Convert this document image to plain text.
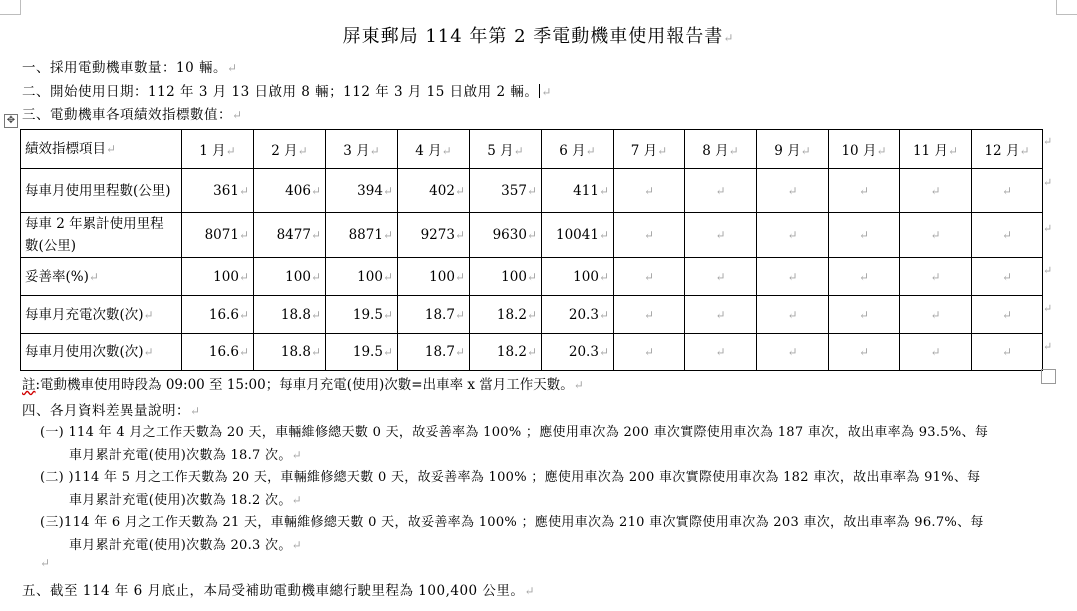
屏東郵局 114 年第 2 季電動機車使用報告書↵
一、採用電動機車數量：10 輛。↵
二、開始使用日期：112 年 3 月 13 日啟用 8 輛；112 年 3 月 15 日啟用 2 輛。 ↵
三、電動機車各項績效指標數值：↵
✥
績效指標項目↵	1 月↵	2 月↵	3 月↵	4 月↵	5 月↵	6 月↵	7 月↵	8 月↵	9 月↵	10 月↵	11 月↵	12 月↵
每車月使用里程數(公里)	361↵	406↵	394↵	402↵	357↵	411↵	↵	↵	↵	↵	↵	↵
每車 2 年累計使用里程數(公里)	8071↵	8477↵	8871↵	9273↵	9630↵	10041↵	↵	↵	↵	↵	↵	↵
妥善率(%)↵	100↵	100↵	100↵	100↵	100↵	100↵	↵	↵	↵	↵	↵	↵
每車月充電次數(次)↵	16.6↵	18.8↵	19.5↵	18.7↵	18.2↵	20.3↵	↵	↵	↵	↵	↵	↵
每車月使用次數(次)↵	16.6↵	18.8↵	19.5↵	18.7↵	18.2↵	20.3↵	↵	↵	↵	↵	↵	↵
↵
↵
↵
↵
↵
↵
註:電動機車使用時段為 09:00 至 15:00；每車月充電(使用)次數=出車率 x 當月工作天數。↵
四、各月資料差異量說明：↵
(一) 114 年 4 月之工作天數為 20 天，車輛維修總天數 0 天，故妥善率為 100% ；應使用車次為 200 車次實際使用車次為 187 車次，故出車率為 93.5%、每
車月累計充電(使用)次數為 18.7 次。↵
(二) )114 年 5 月之工作天數為 20 天，車輛維修總天數 0 天，故妥善率為 100% ；應使用車次為 200 車次實際使用車次為 182 車次，故出車率為 91%、每
車月累計充電(使用)次數為 18.2 次。↵
(三)114 年 6 月之工作天數為 21 天，車輛維修總天數 0 天，故妥善率為 100% ；應使用車次為 210 車次實際使用車次為 203 車次，故出車率為 96.7%、每
車月累計充電(使用)次數為 20.3 次。↵
↵
五、截至 114 年 6 月底止，本局受補助電動機車總行駛里程為 100,400 公里。↵
